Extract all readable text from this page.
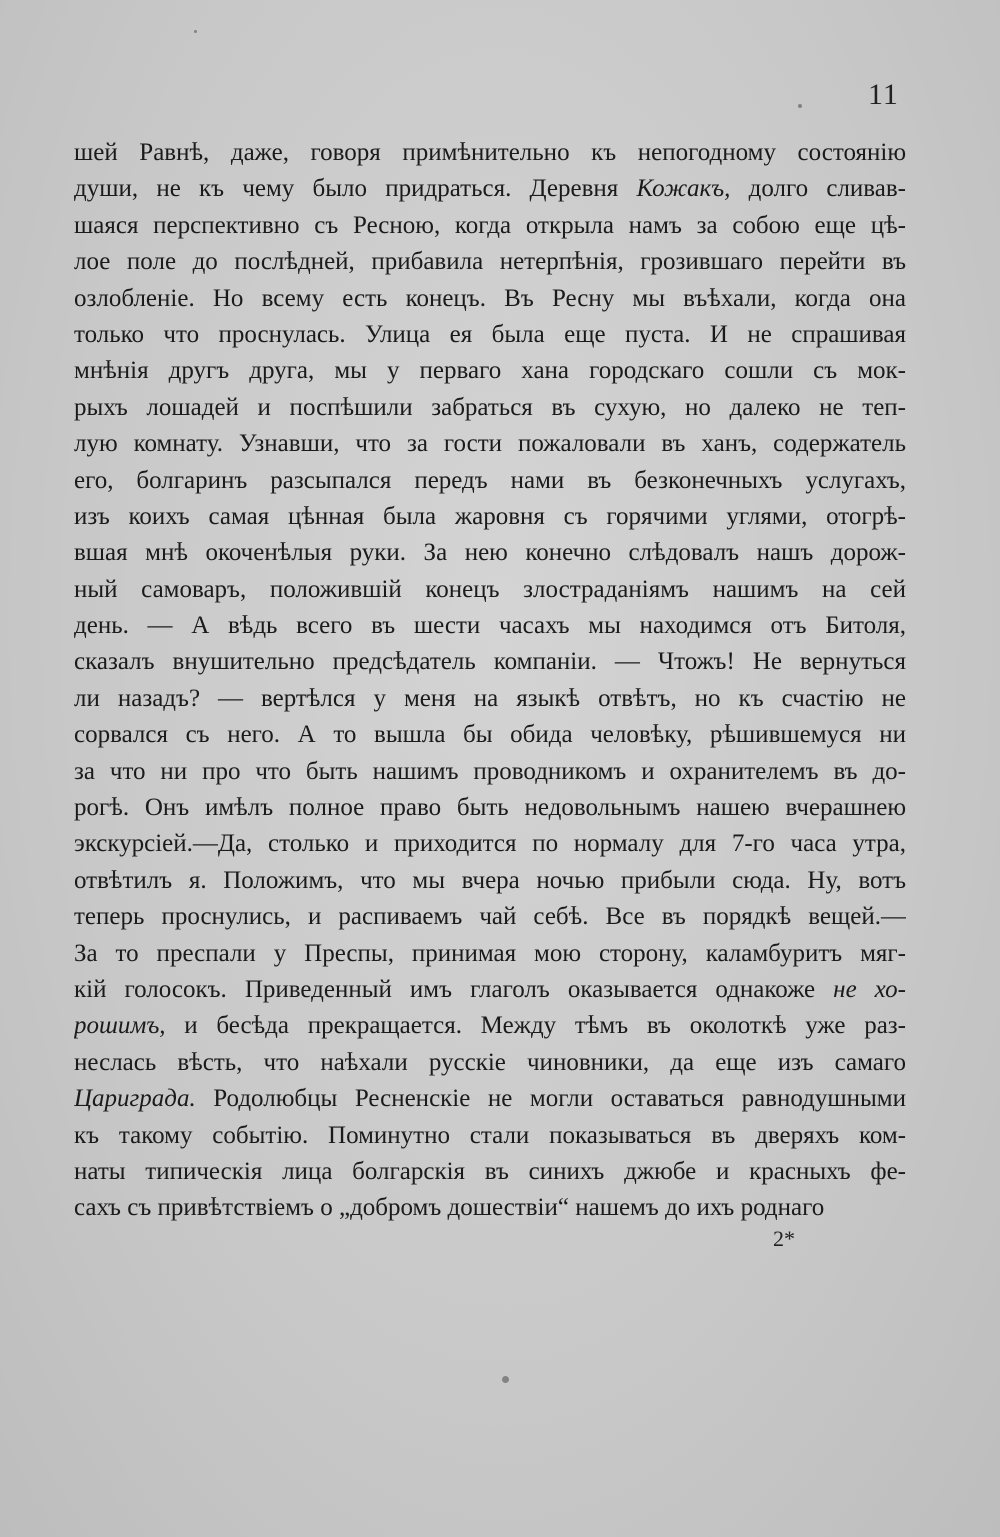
11
шей Равнѣ, даже, говоря примѣнительно къ непогодному состоянію
души, не къ чему было придраться. Деревня Кожакъ, долго сливав-
шаяся перспективно съ Ресною, когда открыла намъ за собою еще цѣ-
лое поле до послѣдней, прибавила нетерпѣнія, грозившаго перейти въ
озлобленіе. Но всему есть конецъ. Въ Ресну мы въѣхали, когда она
только что проснулась. Улица ея была еще пуста. И не спрашивая
мнѣнія другъ друга, мы у перваго хана городскаго сошли съ мок-
рыхъ лошадей и поспѣшили забраться въ сухую, но далеко не теп-
лую комнату. Узнавши, что за гости пожаловали въ ханъ, содержатель
его, болгаринъ разсыпался передъ нами въ безконечныхъ услугахъ,
изъ коихъ самая цѣнная была жаровня съ горячими углями, отогрѣ-
вшая мнѣ окоченѣлыя руки. За нею конечно слѣдовалъ нашъ дорож-
ный самоваръ, положившій конецъ злостраданіямъ нашимъ на сей
день. — А вѣдь всего въ шести часахъ мы находимся отъ Битоля,
сказалъ внушительно предсѣдатель компаніи. — Чтожъ! Не вернуться
ли назадъ? — вертѣлся у меня на языкѣ отвѣтъ, но къ счастію не
сорвался съ него. А то вышла бы обида человѣку, рѣшившемуся ни
за что ни про что быть нашимъ проводникомъ и охранителемъ въ до-
рогѣ. Онъ имѣлъ полное право быть недовольнымъ нашею вчерашнею
экскурсіей.—Да, столько и приходится по нормалу для 7-го часа утра,
отвѣтилъ я. Положимъ, что мы вчера ночью прибыли сюда. Ну, вотъ
теперь проснулись, и распиваемъ чай себѣ. Все въ порядкѣ вещей.—
За то преспали у Преспы, принимая мою сторону, каламбуритъ мяг-
кій голосокъ. Приведенный имъ глаголъ оказывается однакоже не хо-
рошимъ, и бесѣда прекращается. Между тѣмъ въ околоткѣ уже раз-
неслась вѣсть, что наѣхали русскіе чиновники, да еще изъ самаго
Цариграда. Родолюбцы Ресненскіе не могли оставаться равнодушными
къ такому событію. Поминутно стали показываться въ дверяхъ ком-
наты типическія лица болгарскія въ синихъ джюбе и красныхъ фе-
сахъ съ привѣтствіемъ о „добромъ дошествіи“ нашемъ до ихъ роднаго
2*
